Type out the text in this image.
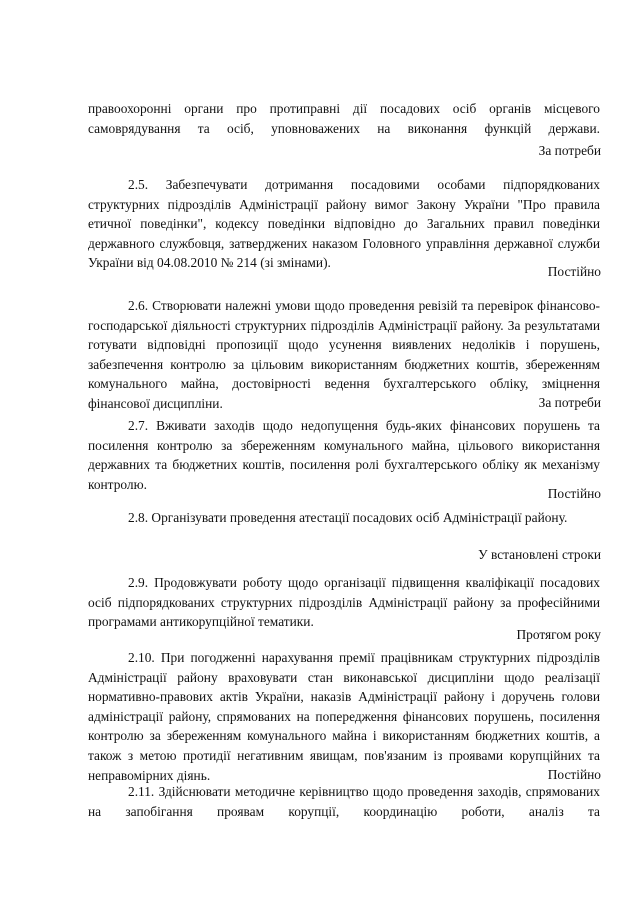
правоохоронні органи про протиправні дії посадових осіб органів місцевого самоврядування та осіб, уповноважених на виконання функцій держави.

За потреби

2.5. Забезпечувати дотримання посадовими особами підпорядкованих структурних підрозділів Адміністрації району вимог Закону України "Про правила етичної поведінки", кодексу поведінки відповідно до Загальних правил поведінки державного службовця, затверджених наказом Головного управління державної служби України від 04.08.2010 № 214 (зі змінами).

Постійно

2.6. Створювати належні умови щодо проведення ревізій та перевірок фінансово-господарської діяльності структурних підрозділів Адміністрації району. За результатами готувати відповідні пропозиції щодо усунення виявлених недоліків і порушень, забезпечення контролю за цільовим використанням бюджетних коштів, збереженням комунального майна, достовірності ведення бухгалтерського обліку, зміцнення фінансової дисципліни.	За потреби

2.7. Вживати заходів щодо недопущення будь-яких фінансових порушень та посилення контролю за збереженням комунального майна, цільового використання державних та бюджетних коштів, посилення ролі бухгалтерського обліку як механізму контролю.

Постійно

2.8. Організувати проведення атестації посадових осіб Адміністрації району.

У встановлені строки

2.9. Продовжувати роботу щодо організації підвищення кваліфікації посадових осіб підпорядкованих структурних підрозділів Адміністрації району за професійними програмами антикорупційної тематики.

Протягом року

2.10. При погодженні нарахування премії працівникам структурних підрозділів Адміністрації району враховувати стан виконавської дисципліни щодо реалізації нормативно-правових актів України, наказів Адміністрації району і доручень голови адміністрації району, спрямованих на попередження фінансових порушень, посилення контролю за збереженням комунального майна і використанням бюджетних коштів, а також з метою протидії негативним явищам, пов'язаним із проявами корупційних та неправомірних діянь.	Постійно

2.11. Здійснювати методичне керівництво щодо проведення заходів, спрямованих на запобігання проявам корупції, координацію роботи, аналіз та
